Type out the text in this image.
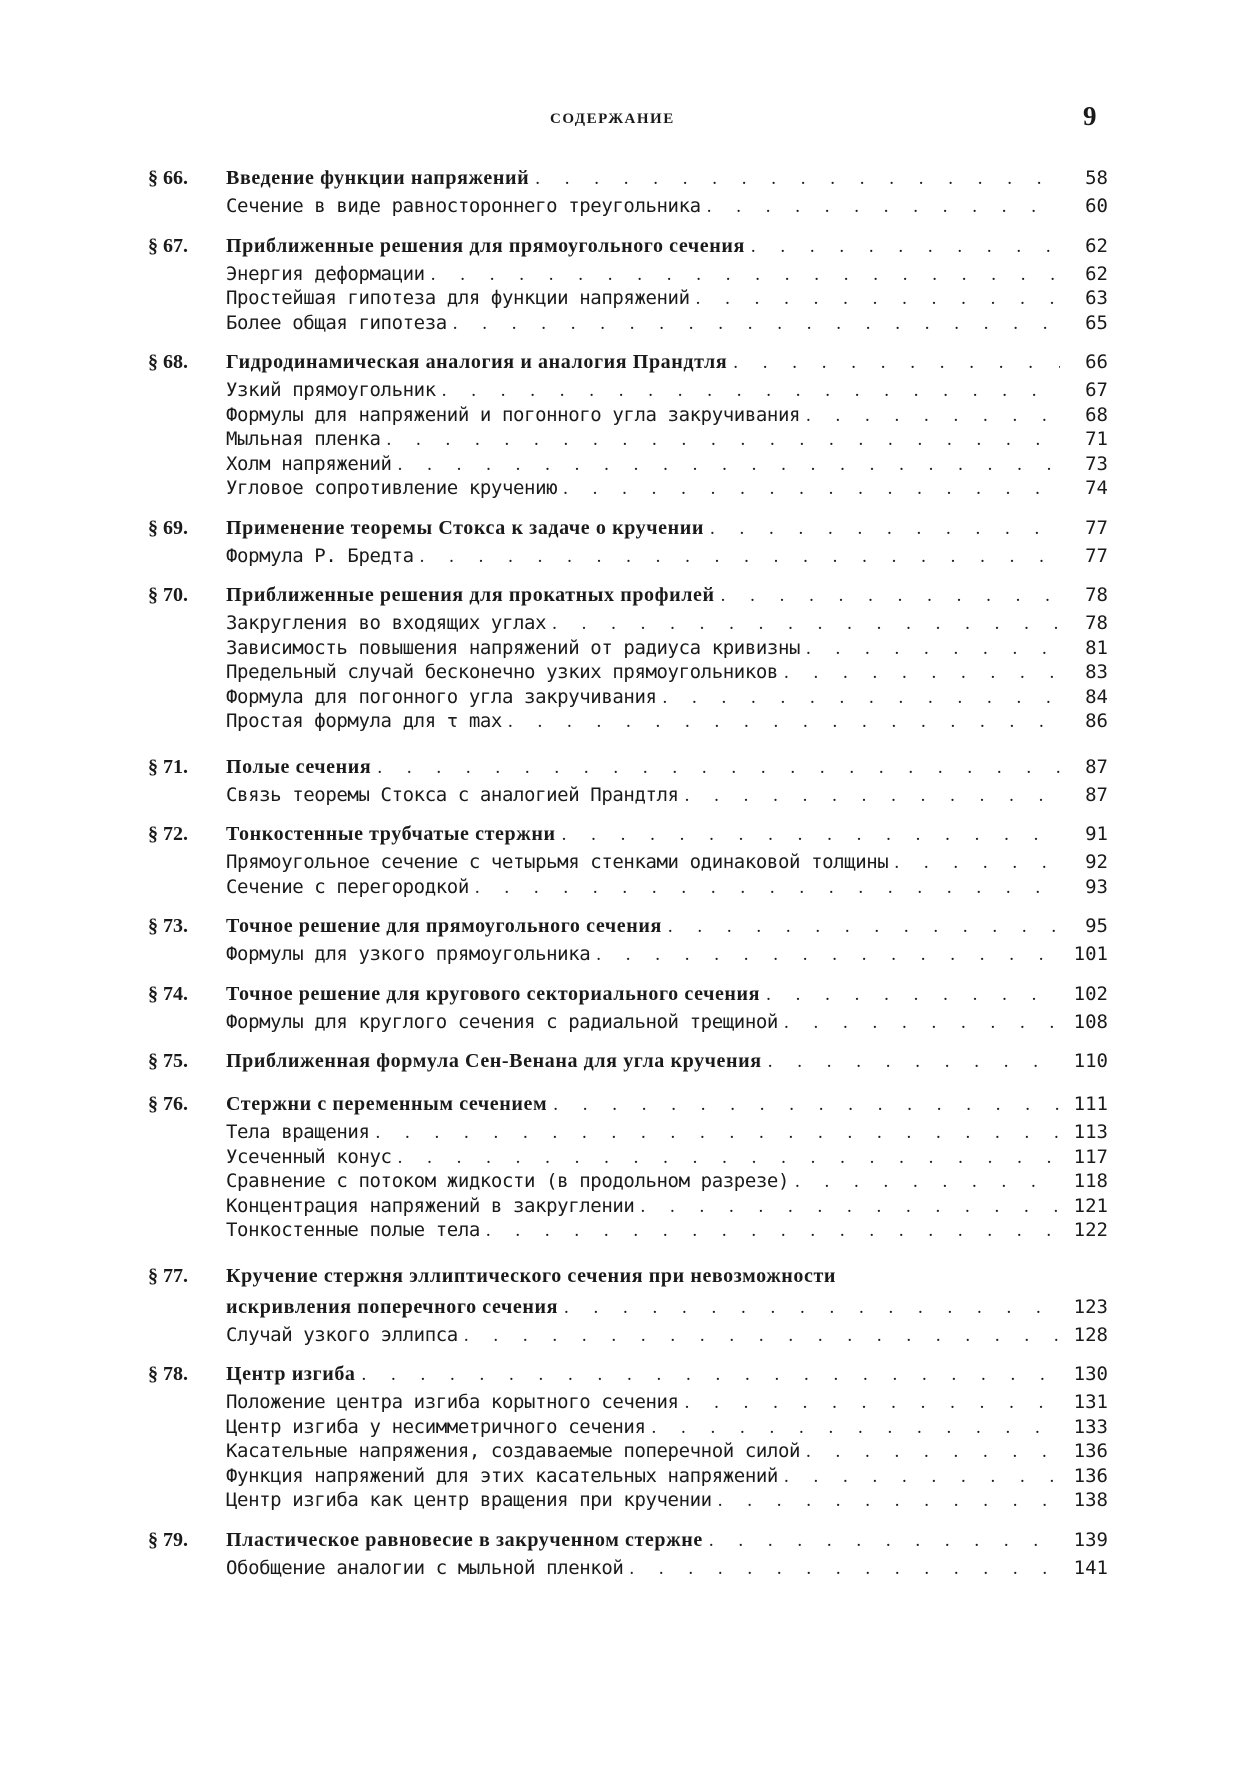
СОДЕРЖАНИЕ	9
§ 66.	Введение функции напряжений . . .	58
Сечение в виде равностороннего треугольника . . .	60
§ 67.	Приближенные решения для прямоугольного сечения . . .	62
Энергия деформации . . .	62
Простейшая гипотеза для функции напряжений . . .	63
Более общая гипотеза . . .	65
§ 68.	Гидродинамическая аналогия и аналогия Прандтля . . .	66
Узкий прямоугольник . . .	67
Формулы для напряжений и погонного угла закручивания . . .	68
Мыльная пленка . . .	71
Холм напряжений . . .	73
Угловое сопротивление кручению . . .	74
§ 69.	Применение теоремы Стокса к задаче о кручении . . .	77
Формула Р. Бредта . . .	77
§ 70.	Приближенные решения для прокатных профилей . . .	78
Закругления во входящих углах . . .	78
Зависимость повышения напряжений от радиуса кривизны . . .	81
Предельный случай бесконечно узких прямоугольников . . .	83
Формула для погонного угла закручивания . . .	84
Простая формула для τ max . . .	86
§ 71.	Полые сечения . . .	87
Связь теоремы Стокса с аналогией Прандтля . . .	87
§ 72.	Тонкостенные трубчатые стержни . . .	91
Прямоугольное сечение с четырьмя стенками одинаковой толщины . . .	92
Сечение с перегородкой . . .	93
§ 73.	Точное решение для прямоугольного сечения . . .	95
Формулы для узкого прямоугольника . . .	101
§ 74.	Точное решение для кругового секториального сечения . . .	102
Формулы для круглого сечения с радиальной трещиной . . .	108
§ 75.	Приближенная формула Сен-Венана для угла кручения . . .	110
§ 76.	Стержни с переменным сечением . . .	111
Тела вращения . . .	113
Усеченный конус . . .	117
Сравнение с потоком жидкости (в продольном разрезе) . . .	118
Концентрация напряжений в закруглении . . .	121
Тонкостенные полые тела . . .	122
§ 77.	Кручение стержня эллиптического сечения при невозможности
искривления поперечного сечения . . .	123
Случай узкого эллипса . . .	128
§ 78.	Центр изгиба . . .	130
Положение центра изгиба корытного сечения . . .	131
Центр изгиба у несимметричного сечения . . .	133
Касательные напряжения, создаваемые поперечной силой . . .	136
Функция напряжений для этих касательных напряжений . . .	136
Центр изгиба как центр вращения при кручении . . .	138
§ 79.	Пластическое равновесие в закрученном стержне . . .	139
Обобщение аналогии с мыльной пленкой . . .	141
